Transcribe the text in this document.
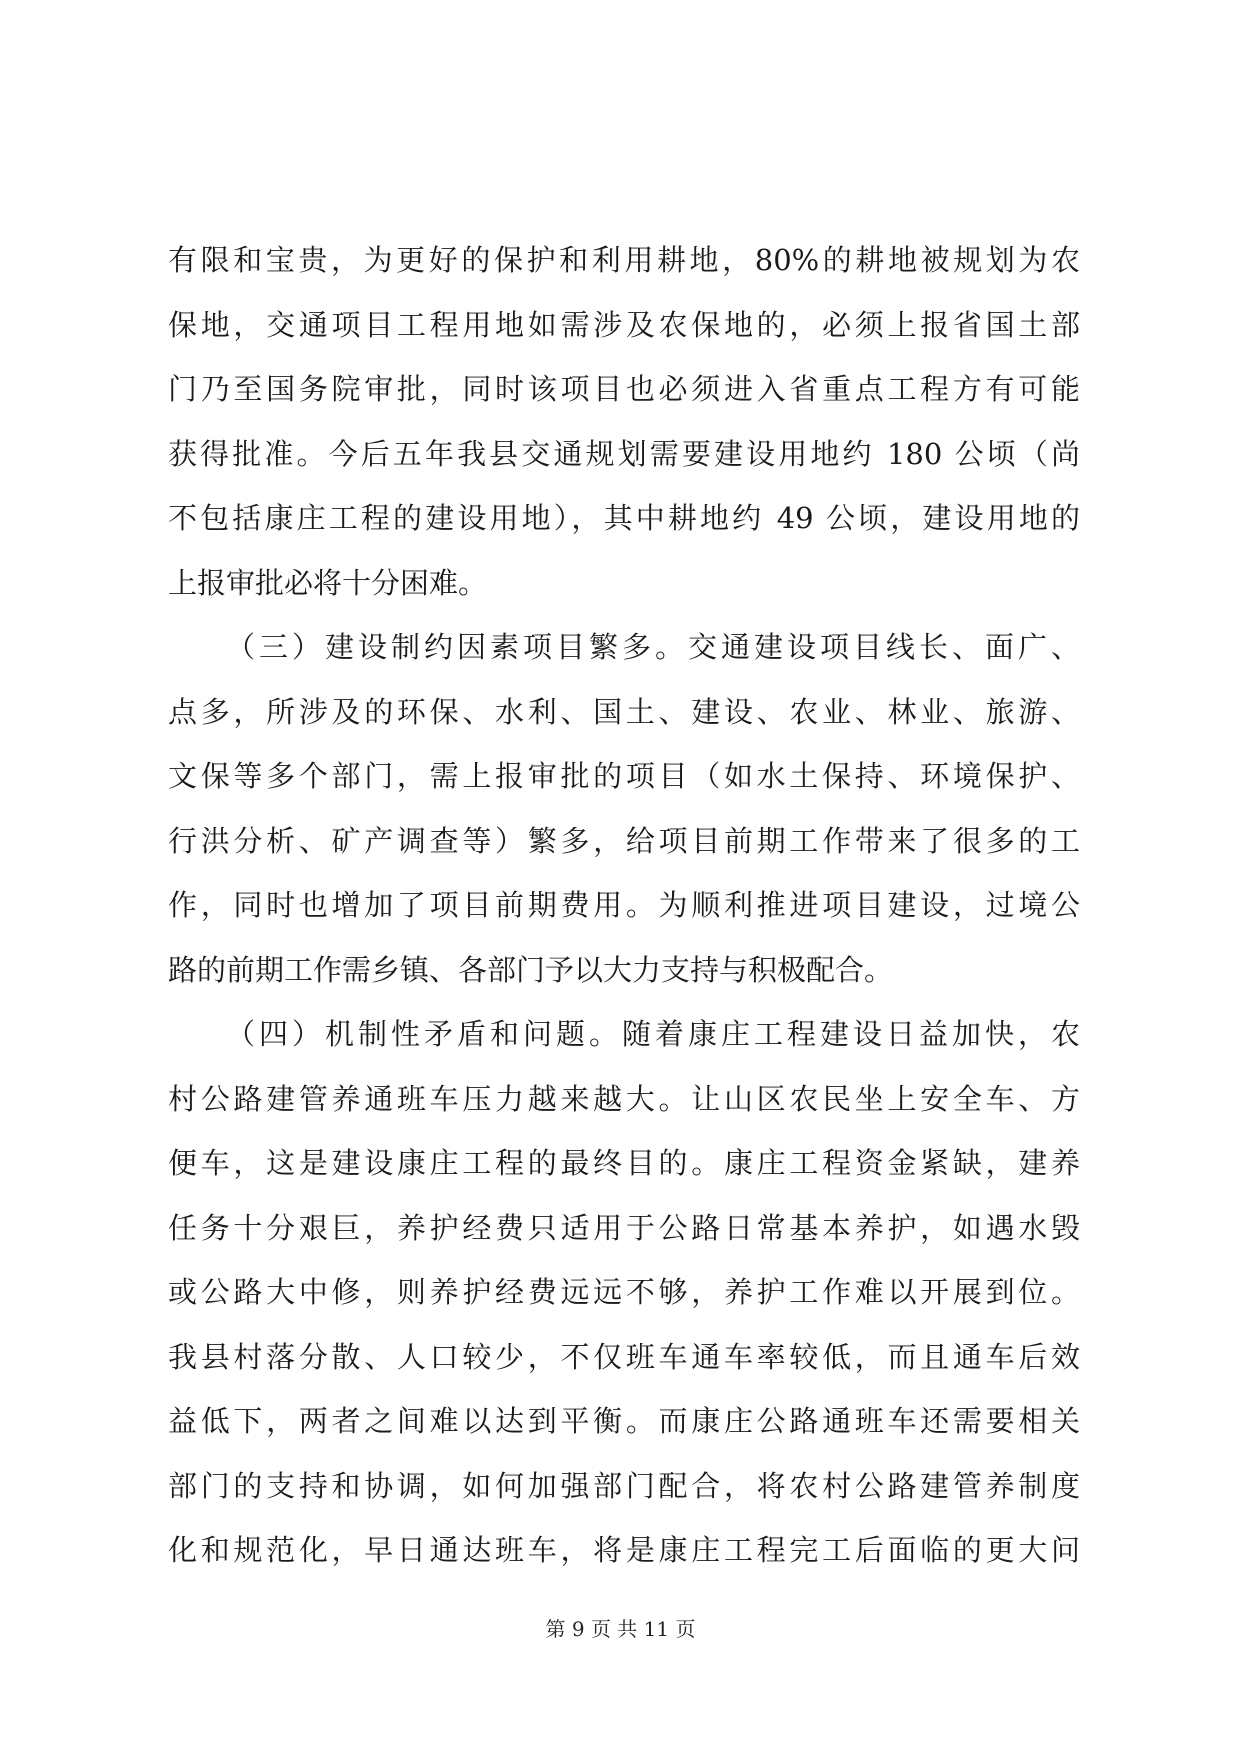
有限和宝贵，为更好的保护和利用耕地，80%的耕地被规划为农
保地，交通项目工程用地如需涉及农保地的，必须上报省国土部
门乃至国务院审批，同时该项目也必须进入省重点工程方有可能
获得批准。今后五年我县交通规划需要建设用地约 180 公顷（尚
不包括康庄工程的建设用地），其中耕地约 49 公顷，建设用地的
上报审批必将十分困难。
（三）建设制约因素项目繁多。交通建设项目线长、面广、
点多，所涉及的环保、水利、国土、建设、农业、林业、旅游、
文保等多个部门，需上报审批的项目（如水土保持、环境保护、
行洪分析、矿产调查等）繁多，给项目前期工作带来了很多的工
作，同时也增加了项目前期费用。为顺利推进项目建设，过境公
路的前期工作需乡镇、各部门予以大力支持与积极配合。
（四）机制性矛盾和问题。随着康庄工程建设日益加快，农
村公路建管养通班车压力越来越大。让山区农民坐上安全车、方
便车，这是建设康庄工程的最终目的。康庄工程资金紧缺，建养
任务十分艰巨，养护经费只适用于公路日常基本养护，如遇水毁
或公路大中修，则养护经费远远不够，养护工作难以开展到位。
我县村落分散、人口较少，不仅班车通车率较低，而且通车后效
益低下，两者之间难以达到平衡。而康庄公路通班车还需要相关
部门的支持和协调，如何加强部门配合，将农村公路建管养制度
化和规范化，早日通达班车，将是康庄工程完工后面临的更大问
第 9 页 共 11 页
